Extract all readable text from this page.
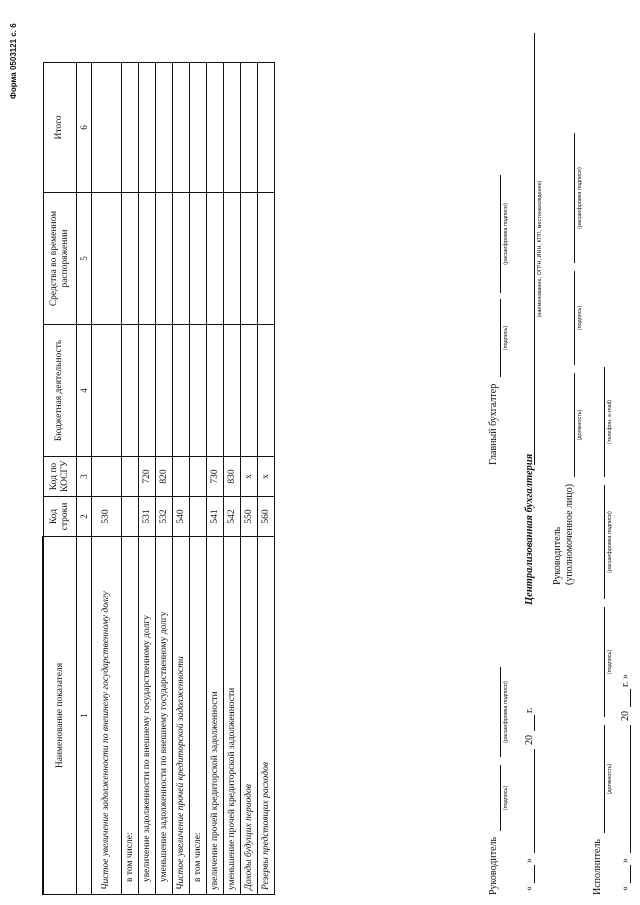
Форма 0503121 с. 6
Наименование показателя	Код строки	Код по КОСГУ	Бюджетная деятельность	Средства во временном распоряжении	Итого
1	2	3	4	5	6
Чистое увеличение задолженности по внешнему государственному долгу	530				
в том числе:					
увеличение задолженности по внешнему государственному долгу	531	720			
уменьшение задолженности по внешнему государственному долгу	532	820			
Чистое увеличение прочей кредиторской задолженности	540				
в том числе:					
увеличение прочей кредиторской задолженности	541	730			
уменьшение прочей кредиторской задолженности	542	830			
Доходы будущих периодов	550	x			
Резервы предстоящих расходов	560	x			
Руководитель
(подпись)
(расшифровка подписи)
«
»
20
г.
Главный бухгалтер
(подпись)
(расшифровка подписи)
Централизованная бухгалтерия
(наименование, ОГРН, ИНН, КПП, местонахождение)
Руководитель (уполномоченное лицо)
(должность)
(подпись)
(расшифровка подписи)
Исполнитель
(должность)
(подпись)
(расшифровка подписи)
(телефон, e-mail)
«
»
20
г. »
